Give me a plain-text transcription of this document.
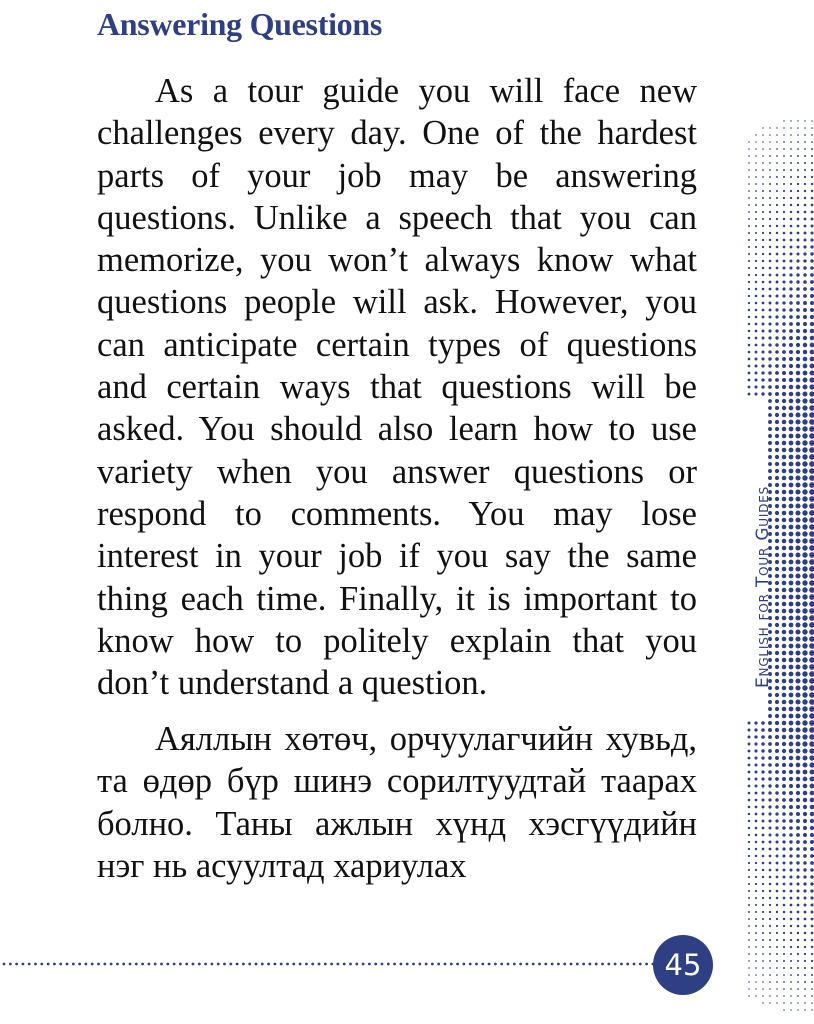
Answering Questions

As a tour guide you will face new challenges every day. One of the hardest parts of your job may be answering questions. Unlike a speech that you can memorize, you won’t always know what questions people will ask. However, you can anticipate certain types of questions and certain ways that questions will be asked. You should also learn how to use variety when you answer questions or respond to comments. You may lose interest in your job if you say the same thing each time. Finally, it is important to know how to politely explain that you don’t understand a question.

Аяллын хөтөч, орчуулагчийн хувьд, та өдөр бүр шинэ сорилтуудтай таарах болно. Таны ажлын хүнд хэсгүүдийн нэг нь асуултад хариулах

English for Tour Guides
45
